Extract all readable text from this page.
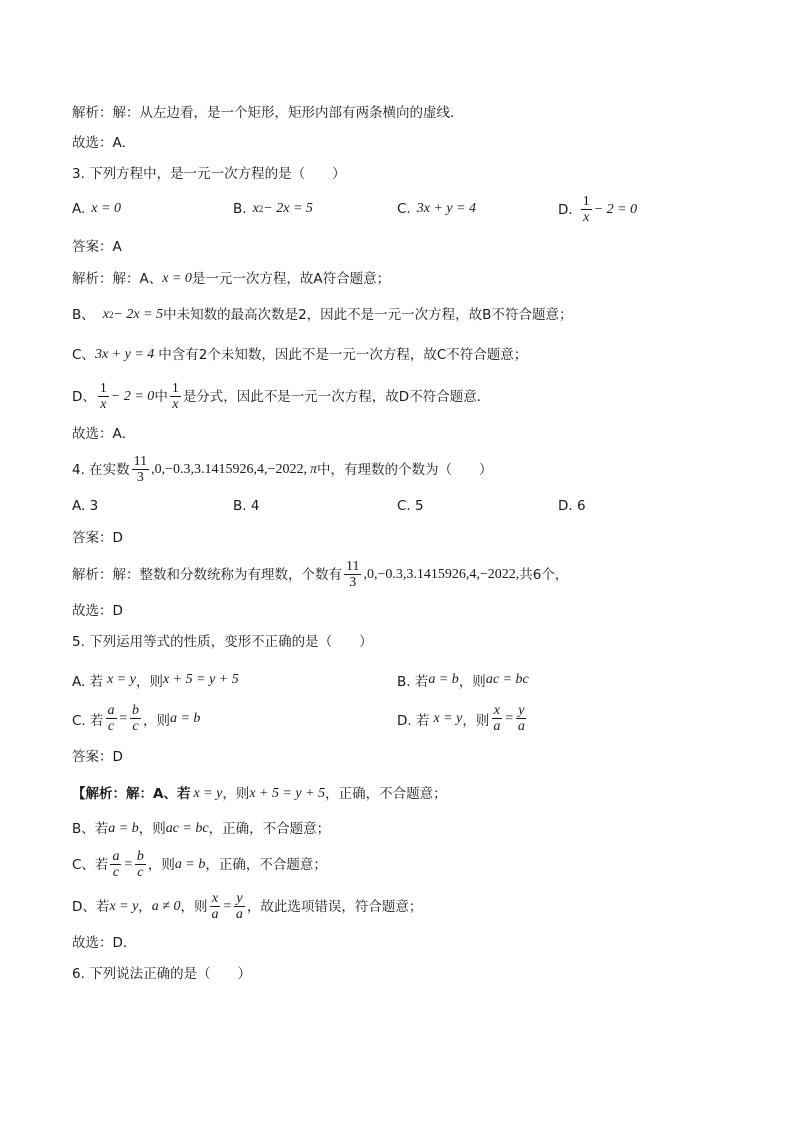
解析：解：从左边看，是一个矩形，矩形内部有两条横向的虚线．
故选：A．
3. 下列方程中，是一元一次方程的是（　　）
A. x = 0	B. x 2 − 2x = 5	C. 3x + y = 4	D. $\frac{1}{x} - 2 = 0$
答案：A
解析：解：A、 x = 0 是一元一次方程，故A符合题意；
B、 x 2 − 2x = 5 中未知数的最高次数是2，因此不是一元一次方程，故B不符合题意；
C、 3x + y = 4 中含有2个未知数，因此不是一元一次方程，故C不符合题意；
D、 $\frac{1}{x} - 2 = 0$ 中 $\frac{1}{x}$ 是分式，因此不是一元一次方程，故D不符合题意．
故选：A．
4. 在实数 $\frac{11}{3} ,0,-0.3,3.1415926,4,-2022$, π 中，有理数的个数为（　　）
A. 3	B. 4	C. 5	D. 6
答案：D
解析：解：整数和分数统称为有理数，个数有 $\frac{11}{3} ,0,-0.3,3.1415926,4,-2022$, 共6个，
故选：D
5. 下列运用等式的性质，变形不正确的是（　　）
A. 若 x = y ，则 x + 5 = y + 5	B. 若 a = b ，则 ac = bc
C. 若 $\frac{a}{c} = \frac{b}{c}$ ，则 a = b	D. 若 x = y ，则 $\frac{x}{a} = \frac{y}{a}$
答案：D
【解析：解：A、若 x = y ，则 x + 5 = y + 5 ，正确，不合题意；
B、若 a = b ，则 ac = bc ，正确，不合题意；
C、若 $\frac{a}{c} = \frac{b}{c}$ ，则 a = b ，正确，不合题意；
D、若 x = y ， a ≠ 0 ，则 $\frac{x}{a} = \frac{y}{a}$ ，故此选项错误，符合题意；
故选：D．
6. 下列说法正确的是（　　）
